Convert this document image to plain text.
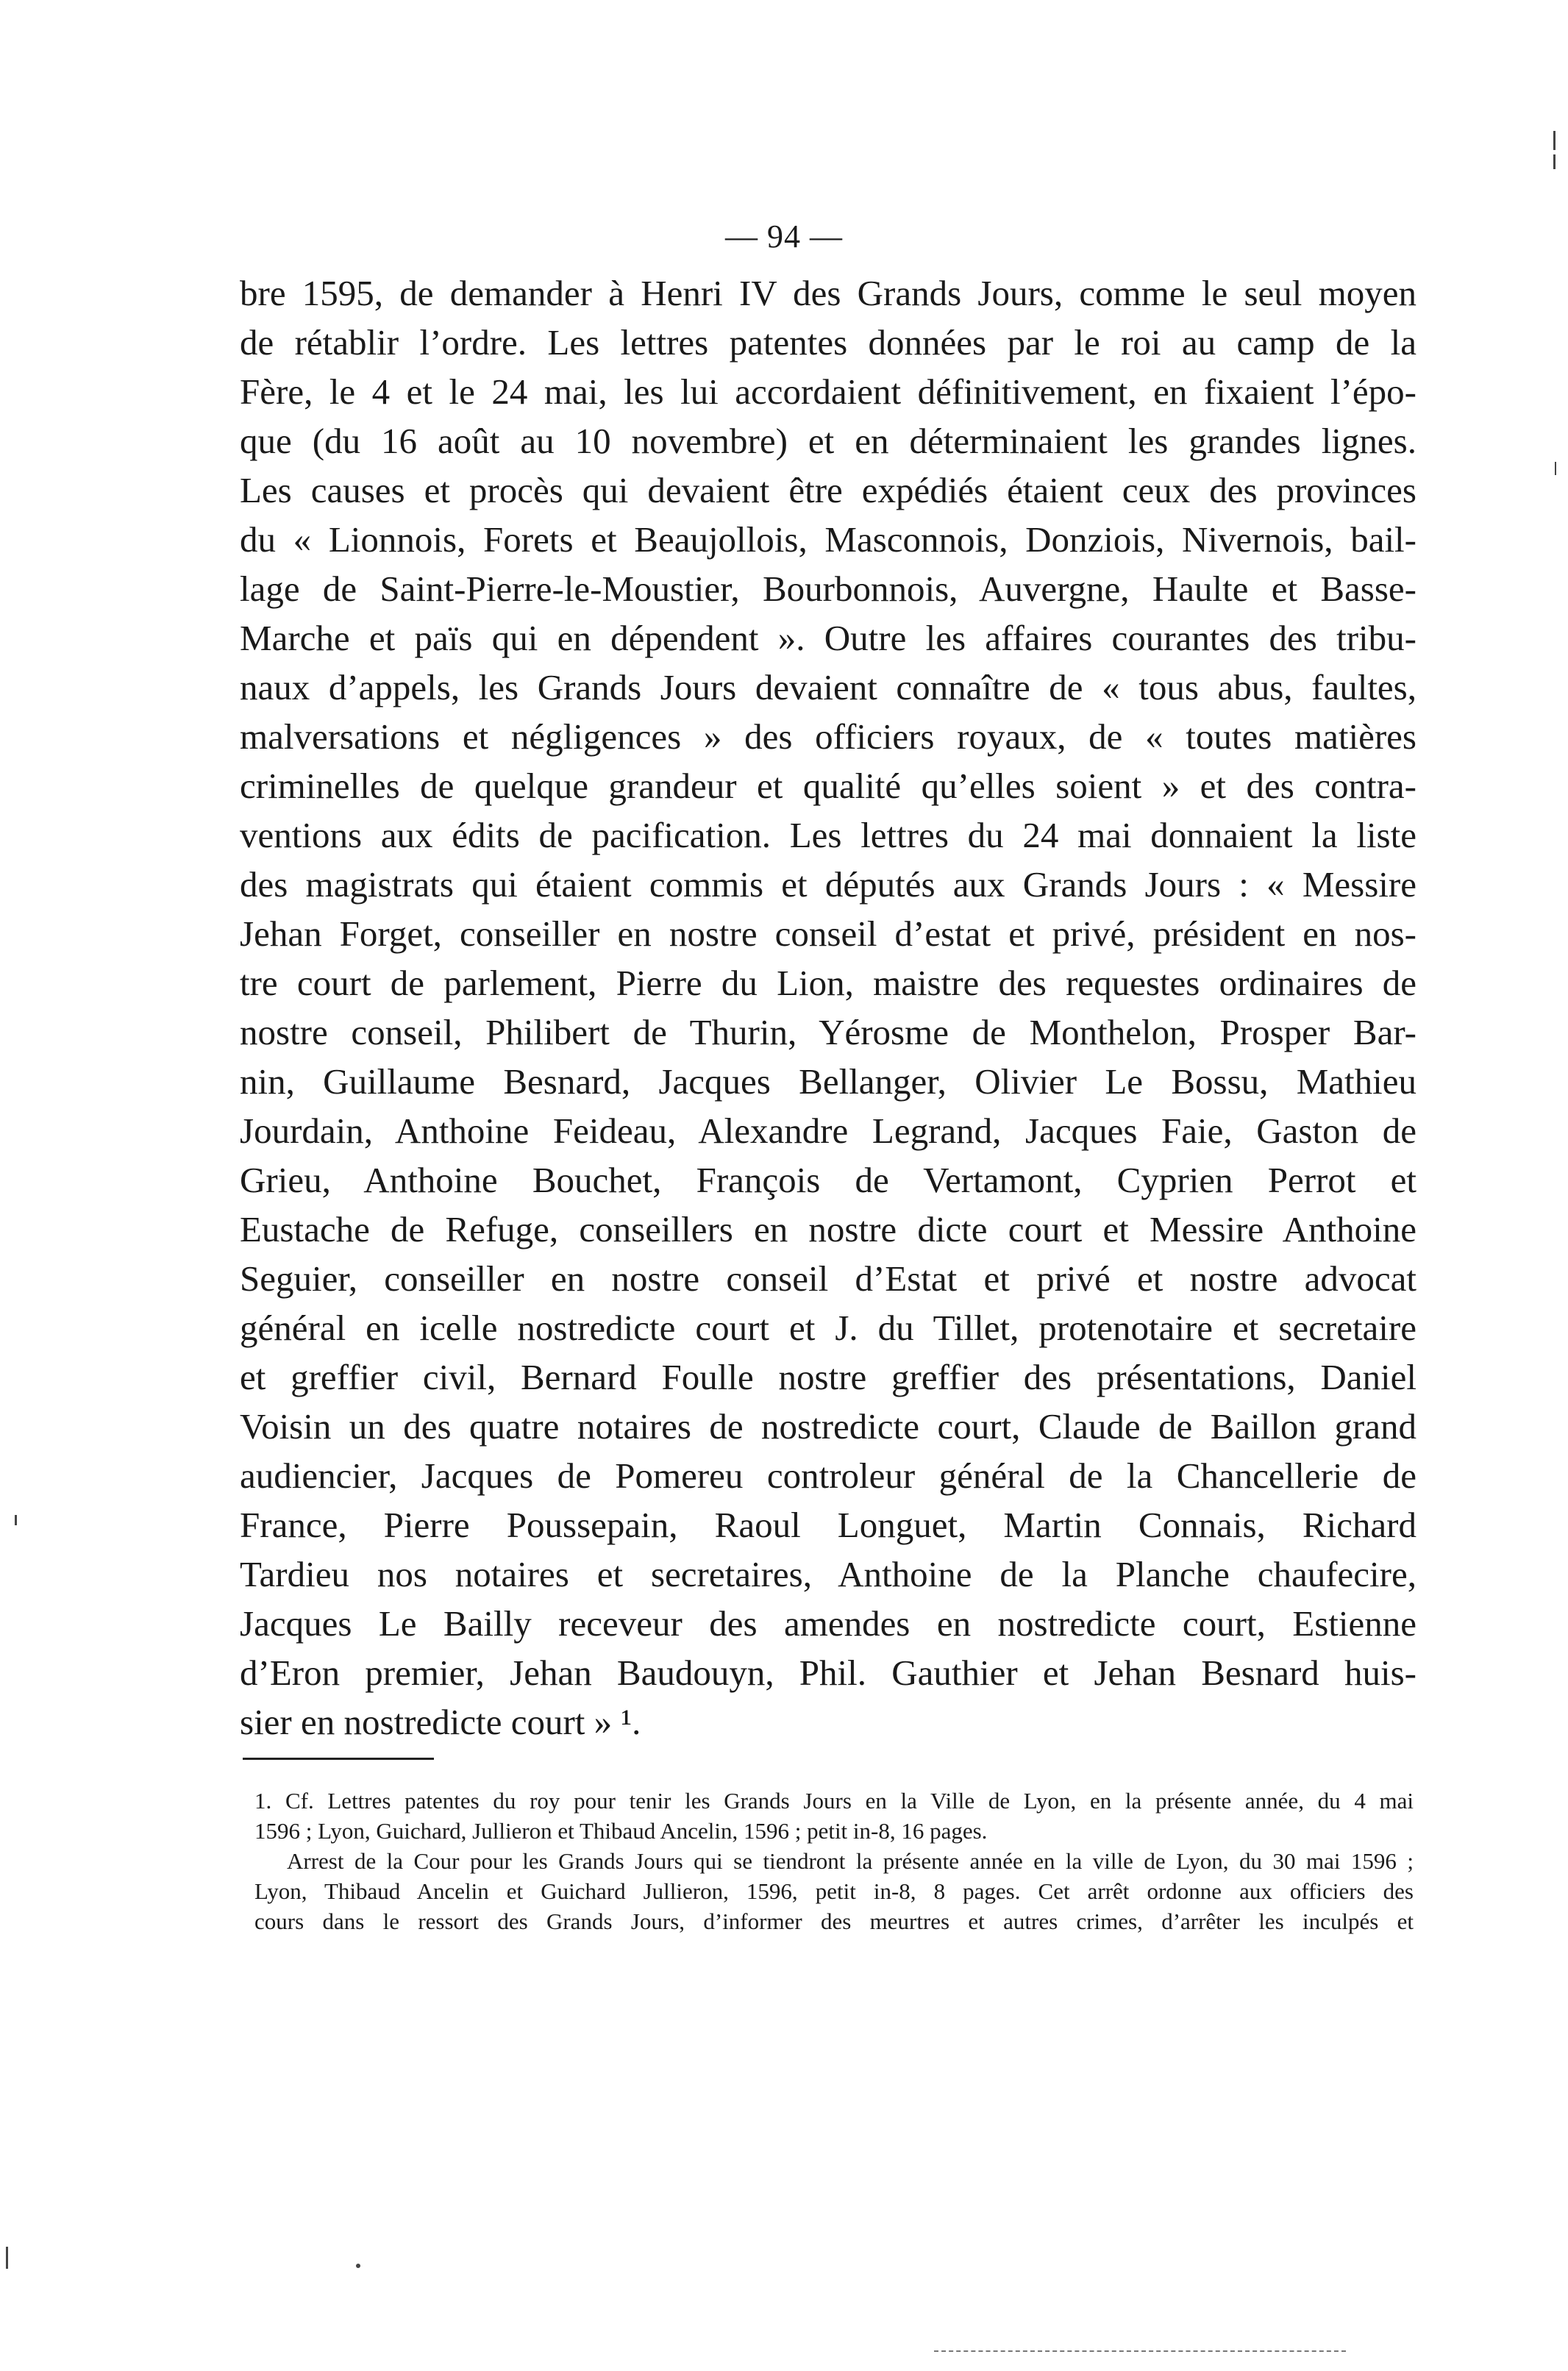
— 94 —
bre 1595, de demander à Henri IV des Grands Jours, comme le seul moyen
de rétablir l’ordre. Les lettres patentes données par le roi au camp de la
Fère, le 4 et le 24 mai, les lui accordaient définitivement, en fixaient l’épo-
que (du 16 août au 10 novembre) et en déterminaient les grandes lignes.
Les causes et procès qui devaient être expédiés étaient ceux des provinces
du « Lionnois, Forets et Beaujollois, Masconnois, Donziois, Nivernois, bail-
lage de Saint-Pierre-le-Moustier, Bourbonnois, Auvergne, Haulte et Basse-
Marche et païs qui en dépendent ». Outre les affaires courantes des tribu-
naux d’appels, les Grands Jours devaient connaître de « tous abus, faultes,
malversations et négligences » des officiers royaux, de « toutes matières
criminelles de quelque grandeur et qualité qu’elles soient » et des contra-
ventions aux édits de pacification. Les lettres du 24 mai donnaient la liste
des magistrats qui étaient commis et députés aux Grands Jours : « Messire
Jehan Forget, conseiller en nostre conseil d’estat et privé, président en nos-
tre court de parlement, Pierre du Lion, maistre des requestes ordinaires de
nostre conseil, Philibert de Thurin, Yérosme de Monthelon, Prosper Bar-
nin, Guillaume Besnard, Jacques Bellanger, Olivier Le Bossu, Mathieu
Jourdain, Anthoine Feideau, Alexandre Legrand, Jacques Faie, Gaston de
Grieu, Anthoine Bouchet, François de Vertamont, Cyprien Perrot et
Eustache de Refuge, conseillers en nostre dicte court et Messire Anthoine
Seguier, conseiller en nostre conseil d’Estat et privé et nostre advocat
général en icelle nostredicte court et J. du Tillet, protenotaire et secretaire
et greffier civil, Bernard Foulle nostre greffier des présentations, Daniel
Voisin un des quatre notaires de nostredicte court, Claude de Baillon grand
audiencier, Jacques de Pomereu controleur général de la Chancellerie de
France, Pierre Poussepain, Raoul Longuet, Martin Connais, Richard
Tardieu nos notaires et secretaires, Anthoine de la Planche chaufecire,
Jacques Le Bailly receveur des amendes en nostredicte court, Estienne
d’Eron premier, Jehan Baudouyn, Phil. Gauthier et Jehan Besnard huis-
sier en nostredicte court » ¹.
1. Cf. Lettres patentes du roy pour tenir les Grands Jours en la Ville de Lyon, en la présente année, du 4 mai
1596 ; Lyon, Guichard, Jullieron et Thibaud Ancelin, 1596 ; petit in-8, 16 pages.
Arrest de la Cour pour les Grands Jours qui se tiendront la présente année en la ville de Lyon, du 30 mai 1596 ;
Lyon, Thibaud Ancelin et Guichard Jullieron, 1596, petit in-8, 8 pages. Cet arrêt ordonne aux officiers des
cours dans le ressort des Grands Jours, d’informer des meurtres et autres crimes, d’arrêter les inculpés et
